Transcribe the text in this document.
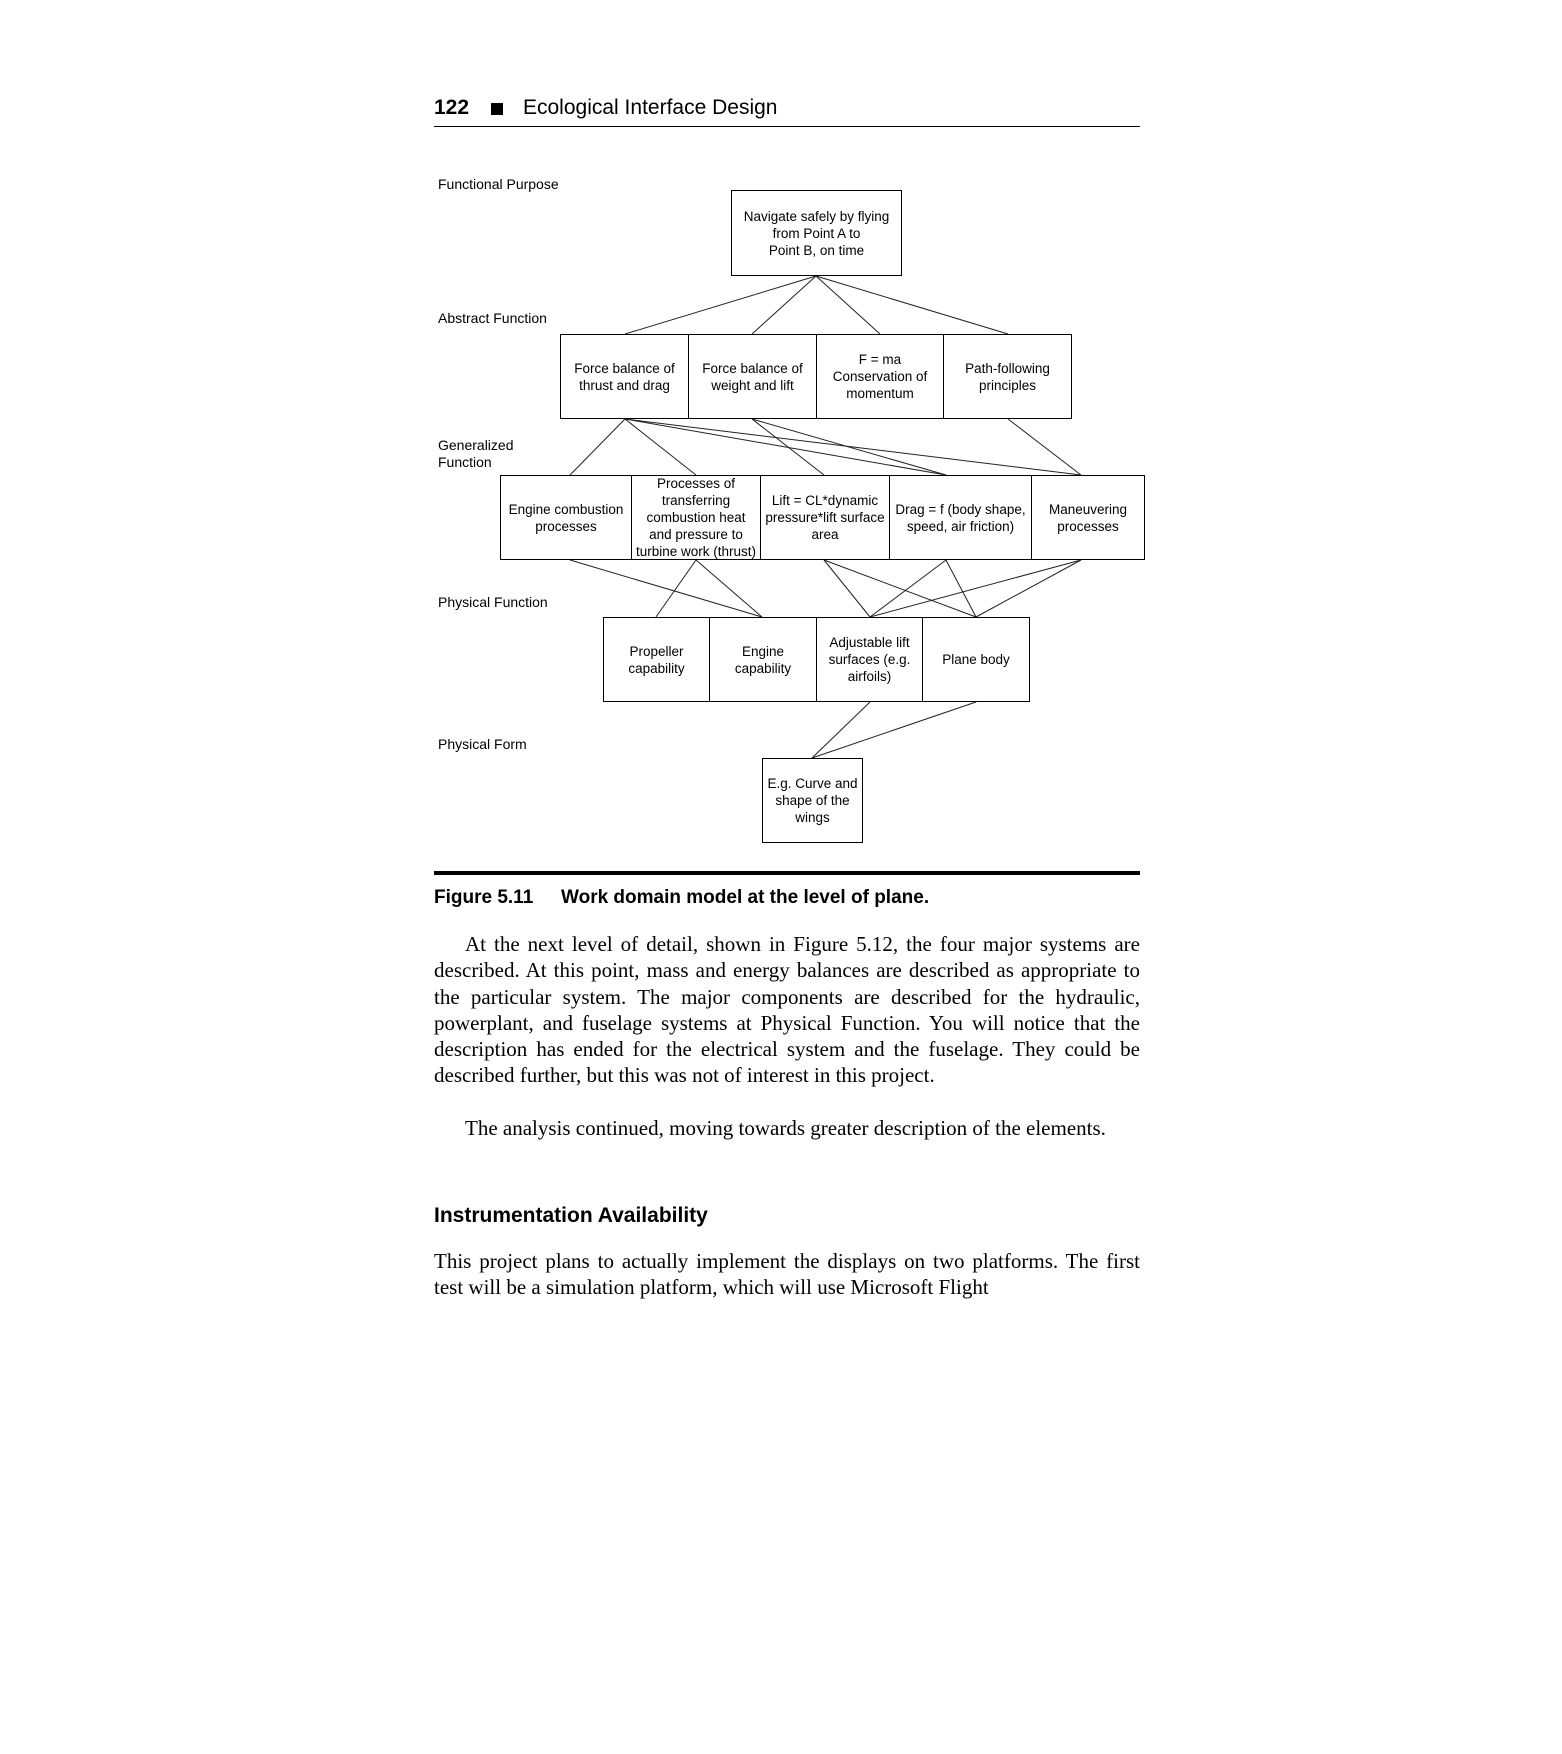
122	Ecological Interface Design
Functional Purpose
Abstract Function
Generalized
Function
Physical Function
Physical Form
Navigate safely by flying
from Point A to
Point B, on time
Force balance of
thrust and drag
Force balance of
weight and lift
F = ma
Conservation of
momentum
Path-following
principles
Engine combustion
processes
Processes of
transferring
combustion heat
and pressure to
turbine work (thrust)
Lift = CL*dynamic
pressure*lift surface
area
Drag = f (body shape,
speed, air friction)
Maneuvering
processes
Propeller
capability
Engine
capability
Adjustable lift
surfaces (e.g.
airfoils)
Plane body
E.g. Curve and
shape of the
wings
Figure 5.11 Work domain model at the level of plane.

At the next level of detail, shown in Figure 5.12, the four major systems are described. At this point, mass and energy balances are described as appropriate to the particular system. The major components are described for the hydraulic, powerplant, and fuselage systems at Physical Function. You will notice that the description has ended for the electrical system and the fuselage. They could be described further, but this was not of interest in this project.

The analysis continued, moving towards greater description of the elements.

Instrumentation Availability

This project plans to actually implement the displays on two platforms. The first test will be a simulation platform, which will use Microsoft Flight
